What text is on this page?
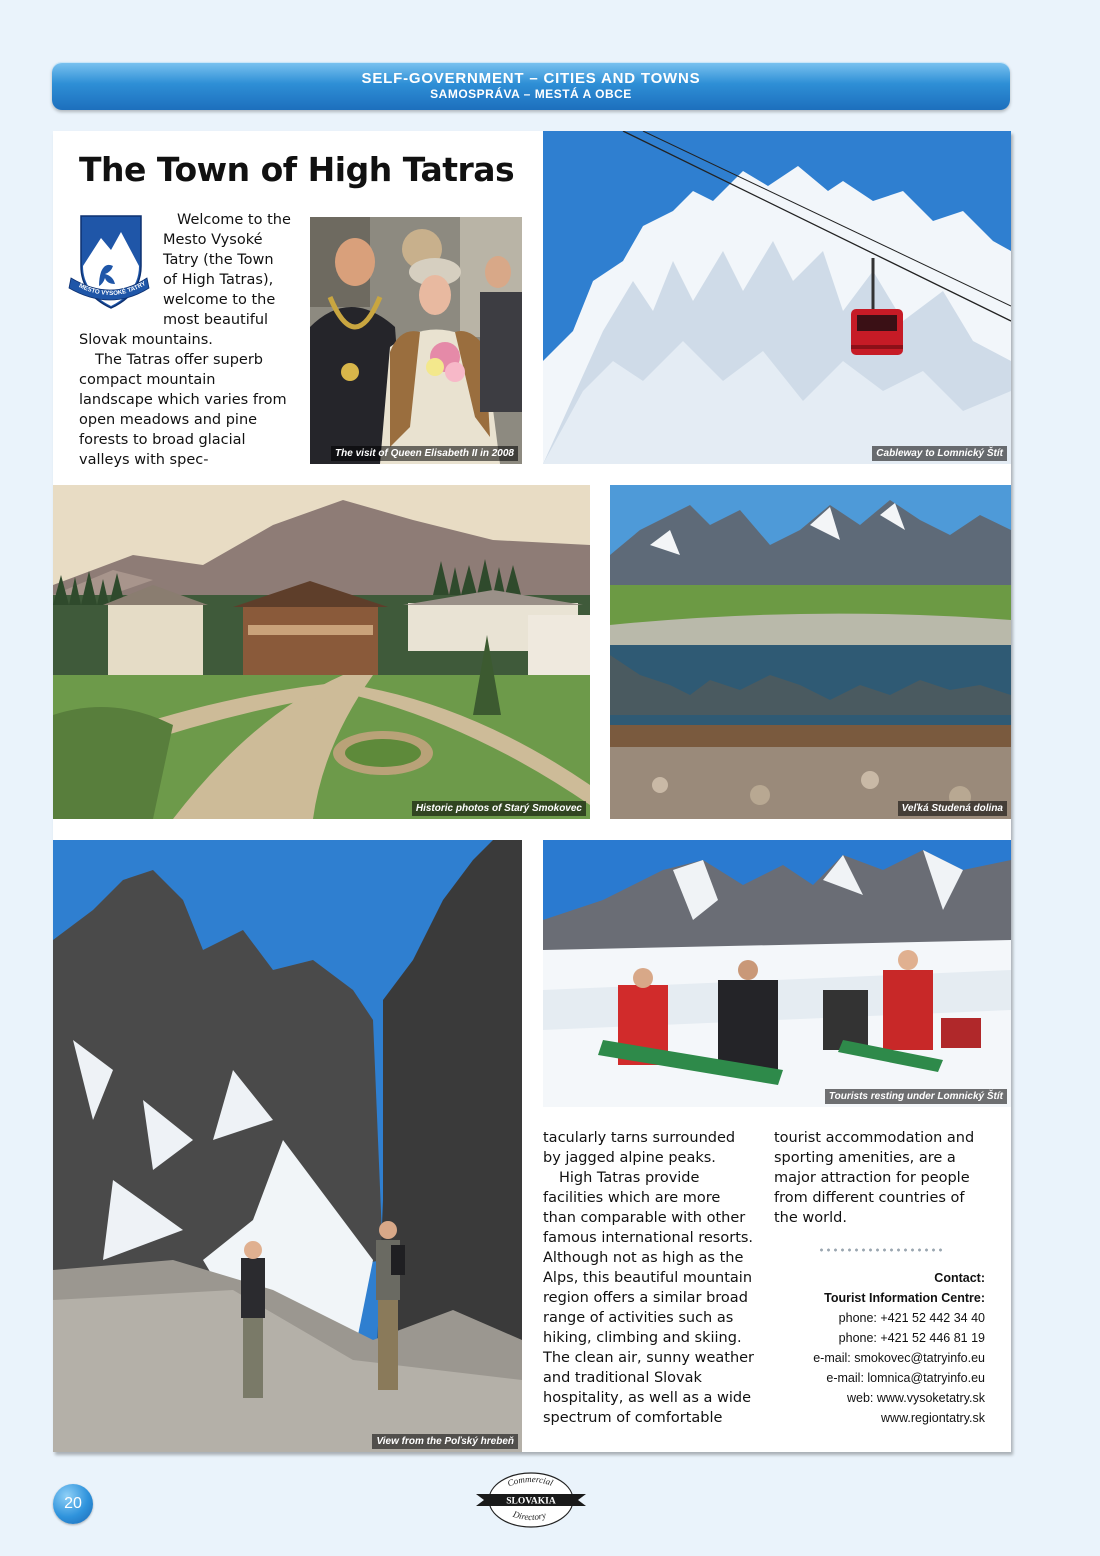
SELF-GOVERNMENT – CITIES AND TOWNS
SAMOSPRÁVA – MESTÁ A OBCE
The Town of High Tatras
MESTO VYSOKÉ TATRY

Welcome to the Mesto Vysoké Tatry (the Town of High Tatras), welcome to the most beautiful Slovak mountains.

The Tatras offer superb compact mountain landscape which varies from open meadows and pine forests to broad glacial valleys with spec-	The visit of Queen Elisabeth II in 2008	Cableway to Lomnický Štít
Historic photos of Starý Smokovec	Veľká Studená dolina
View from the Poľský hrebeň
Tourists resting under Lomnický Štít

tacularly tarns surrounded by jagged alpine peaks.

High Tatras provide facilities which are more than comparable with other famous international resorts. Although not as high as the Alps, this beautiful mountain region offers a similar broad range of activities such as hiking, climbing and skiing. The clean air, sunny weather and traditional Slovak hospitality, as well as a wide spectrum of comfortable

tourist accommodation and sporting amenities, are a major attraction for people from different countries of the world.

Contact:
Tourist Information Centre:
phone: +421 52 442 34 40
phone: +421 52 446 81 19
e-mail: smokovec@tatryinfo.eu
e-mail: lomnica@tatryinfo.eu
web: www.vysoketatry.sk
www.regiontatry.sk
20	SLOVAKIA
Commercial
Directory
